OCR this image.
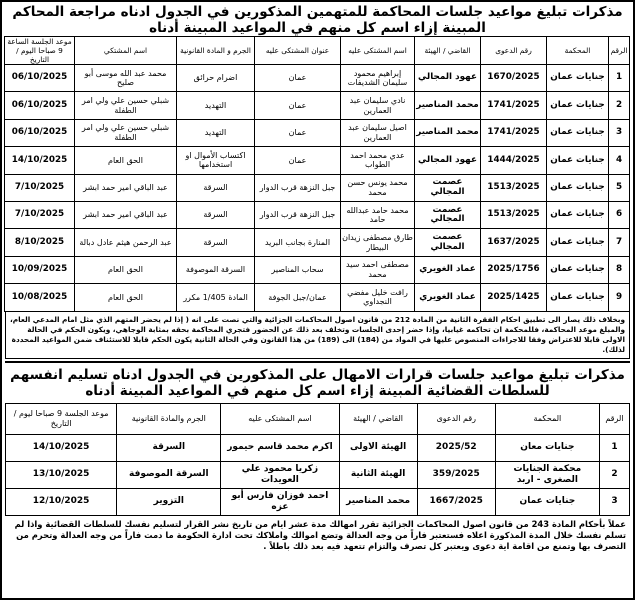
مذكرات تبليغ مواعيد جلسات المحاكمة للمتهمين المذكورين في الجدول ادناه مراجعة المحاكم المبينة إزاء اسم كل منهم في المواعيد المبينة أدناه
الرقم	المحكمة	رقم الدعوى	القاضي / الهيئة	اسم المشتكى عليه	عنوان المشتكى عليه	الجرم و المادة القانونية	اسم المشتكي	موعد الجلسة الساعة 9 صباحا اليوم / التاريخ
1	جنايات عمان	1670/2025	عهود المجالي	إبراهيم محمود سليمان الشديفات	عمان	اضرام حرائق	محمد عبد الله موسى أبو صليح	06/10/2025
2	جنايات عمان	1741/2025	محمد المناصير	نادي سليمان عبد العمارين	عمان	التهديد	شبلي حسين علي ولي امر الطفلة	06/10/2025
3	جنايات عمان	1741/2025	محمد المناصير	اصيل سليمان عبد العمارين	عمان	التهديد	شبلي حسين علي ولي امر الطفلة	06/10/2025
4	جنايات عمان	1444/2025	عهود المجالي	عدي محمد احمد الطواب	عمان	اكتساب الأموال او استخدامها	الحق العام	14/10/2025
5	جنايات عمان	1513/2025	عصمت المجالي	محمد يونس حسن محمد	جبل النزهة قرب الدوار	السرقة	عبد الباقي امير حمد ابشر	7/10/2025
6	جنايات عمان	1513/2025	عصمت المجالي	محمد حامد عبدالله حامد	جبل النزهة قرب الدوار	السرقة	عبد الباقي امير حمد ابشر	7/10/2025
7	جنايات عمان	1637/2025	عصمت المجالي	طارق مصطفى زيدان البيطار	المنارة بجانب البريد	السرقة	عبد الرحمن هيثم عادل دبالة	8/10/2025
8	جنايات عمان	2025/1756	عماد الغويري	مصطفى احمد سيد محمد	سحاب المناصير	السرقة الموصوفة	الحق العام	10/09/2025
9	جنايات عمان	2025/1425	عماد الغويري	رافت خليل مفضي النجداوي	عمان/جبل الجوفة	المادة 1/405 مكرر	الحق العام	10/08/2025
وبخلاف ذلك يصار الى تطبيق احكام الفقرة الثانية من المادة 212 من قانون اصول المحاكمات الجزائية والتي نصت على انه ( إذا لم يحضر المتهم الذي مثل امام المدعي العام، والمبلغ موعد المحاكمة، فللمحكمة ان تحاكمه غيابيا، وإذا حضر إحدى الجلسات وتخلف بعد ذلك عن الحضور فتجري المحاكمة بحقه بمثابة الوجاهي، ويكون الحكم في الحالة الاولى قابلا للاعتراض وفقا للاجراءات المنصوص عليها في المواد من (184) الى (189) من هذا القانون وفي الحالة الثانية يكون الحكم قابلا للاستئناف ضمن المواعيد المحددة لذلك).
مذكرات تبليغ مواعيد جلسات قرارات الامهال على المذكورين في الجدول ادناه تسليم انفسهم للسلطات القضائية المبينة إزاء اسم كل منهم في المواعيد المبينة أدناه
الرقم	المحكمة	رقم الدعوى	القاضي / الهيئة	اسم المشتكى عليه	الجرم والمادة القانونية	موعد الجلسة 9 صباحا ليوم / التاريخ
1	جنايات معان	2025/52	الهيئة الاولى	اكرم محمد قاسم حيمور	السرقة	14/10/2025
2	محكمة الجنايات الصغرى - اربد	359/2025	الهيئة الثانية	زكريا محمود علي العويدات	السرقة الموصوفة	13/10/2025
3	جنايات عمان	1667/2025	محمد المناصير	احمد فوزان فارس أبو عزه	التزوير	12/10/2025
عملاً بأحكام المادة 243 من قانون اصول المحاكمات الجزائية تقرر امهالك مدة عشر ايام من تاريخ نشر القرار لتسليم نفسك للسلطات القضائية واذا لم تسلم نفسك خلال المدة المذكورة اعلاه فستعتبر فاراً من وجه العدالة وتضع اموالك واملاكك تحت ادارة الحكومة ما دمت فاراً من وجه العدالة وتحرم من التصرف بها وتمنع من اقامة اية دعوى ويعتبر كل تصرف والتزام تتعهد فيه بعد ذلك باطلاً .
